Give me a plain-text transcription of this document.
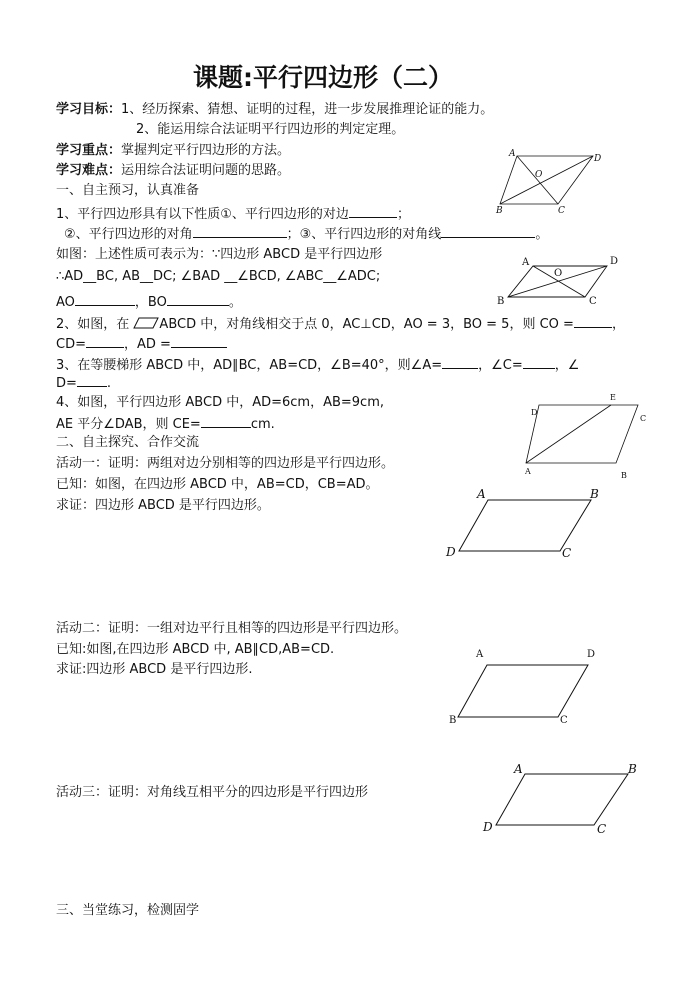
课题:平行四边形（二）
学习目标：1、经历探索、猜想、证明的过程，进一步发展推理论证的能力。
2、能运用综合法证明平行四边形的判定定理。
学习重点：掌握判定平行四边形的方法。
学习难点：运用综合法证明问题的思路。
一、自主预习，认真准备
1、平行四边形具有以下性质①、平行四边形的对边	；
②、平行四边形的对角	；③、平行四边形的对角线	。
如图：上述性质可表示为：∵四边形 ABCD 是平行四边形
∴AD__BC, AB__DC; ∠BAD __∠BCD, ∠ABC__∠ADC;
AO	，BO	。
2、如图，在 ABCD 中，对角线相交于点 0，AC⊥CD，AO = 3，BO = 5，则 CO =	，
CD=	，AD =
3、在等腰梯形 ABCD 中，AD∥BC，AB=CD，∠B=40°，则∠A=	，∠C= ，∠
D= .
4、如图，平行四边形 ABCD 中，AD=6cm，AB=9cm,
AE 平分∠DAB，则 CE=	cm.
二、自主探究、合作交流
活动一：证明：两组对边分别相等的四边形是平行四边形。
已知：如图，在四边形 ABCD 中，AB=CD，CB=AD。
求证：四边形 ABCD 是平行四边形。
活动二：证明：一组对边平行且相等的四边形是平行四边形。
已知:如图,在四边形 ABCD 中, AB∥CD,AB=CD.
求证:四边形 ABCD 是平行四边形.
活动三：证明：对角线互相平分的四边形是平行四边形
三、当堂练习，检测固学
A	D
O
B	C
A	D
O
B	C
D
E
C
A	B
A	B
D	C
A	D
B	C
A	B
D	C
